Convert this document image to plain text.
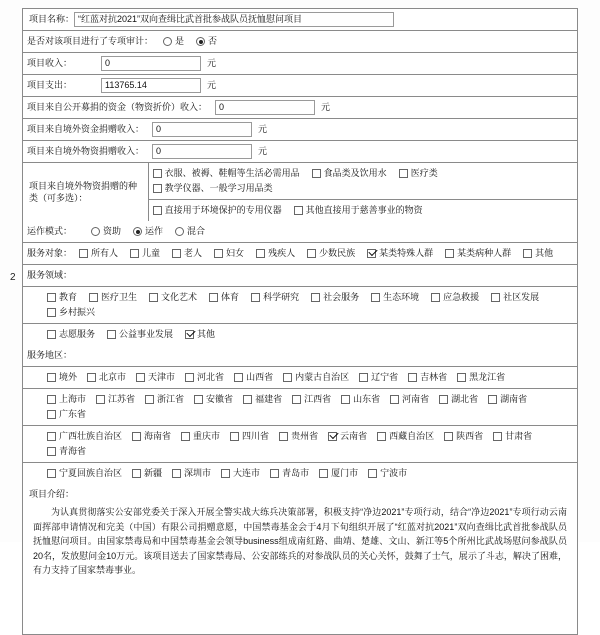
2
项目名称： “红蓝对抗2021”双向查缉比武首批参战队员抚恤慰问项目
是否对该项目进行了专项审计： 是	否
项目收入：	0	元
项目支出：	113765.14	元
项目来自公开募捐的资金（物资折价）收入：	0	元
项目来自境外资金捐赠收入：	0	元
项目来自境外物资捐赠收入：	0	元
项目来自境外物资捐赠的种类（可多选）：
衣服、被褥、鞋帽等生活必需用品	食品类及饮用水	医疗类
教学仪器、一般学习用品类
直接用于环境保护的专用仪器	其他直接用于慈善事业的物资
运作模式：	资助	运作	混合
服务对象：	所有人	儿童	老人	妇女	残疾人	少数民族	某类特殊人群	某类病种人群	其他
服务领域：
教育	医疗卫生	文化艺术	体育	科学研究	社会服务	生态环境	应急救援	社区发展
乡村振兴
志愿服务	公益事业发展	其他
服务地区：
境外 北京市 天津市 河北省 山西省 内蒙古自治区 辽宁省 吉林省 黑龙江省
上海市 江苏省 浙江省 安徽省 福建省 江西省 山东省 河南省 湖北省 湖南省
广东省
广西壮族自治区 海南省 重庆市 四川省 贵州省 云南省 西藏自治区 陕西省 甘肃省
青海省
宁夏回族自治区 新疆 深圳市 大连市 青岛市 厦门市 宁波市
项目介绍：

为认真贯彻落实公安部党委关于深入开展全警实战大练兵决策部署，积极支持“净边2021”专项行动，结合“净边2021”专项行动云南面挥部申请情况和完美（中国）有限公司捐赠意愿，中国禁毒基金会于4月下旬组织开展了“红蓝对抗2021”双向查缉比武首批参战队员抚恤慰问项目。由国家禁毒局和中国禁毒基金会领导business组成南紅路、曲靖、楚雄、文山、新江等5个所州比武战场慰问参战队员20名，发放慰问金10万元。该项目送去了国家禁毒局、公安部练兵的对参战队员的关心关怀，鼓舞了士气，展示了斗志，解决了困难，有力支持了国家禁毒事业。
